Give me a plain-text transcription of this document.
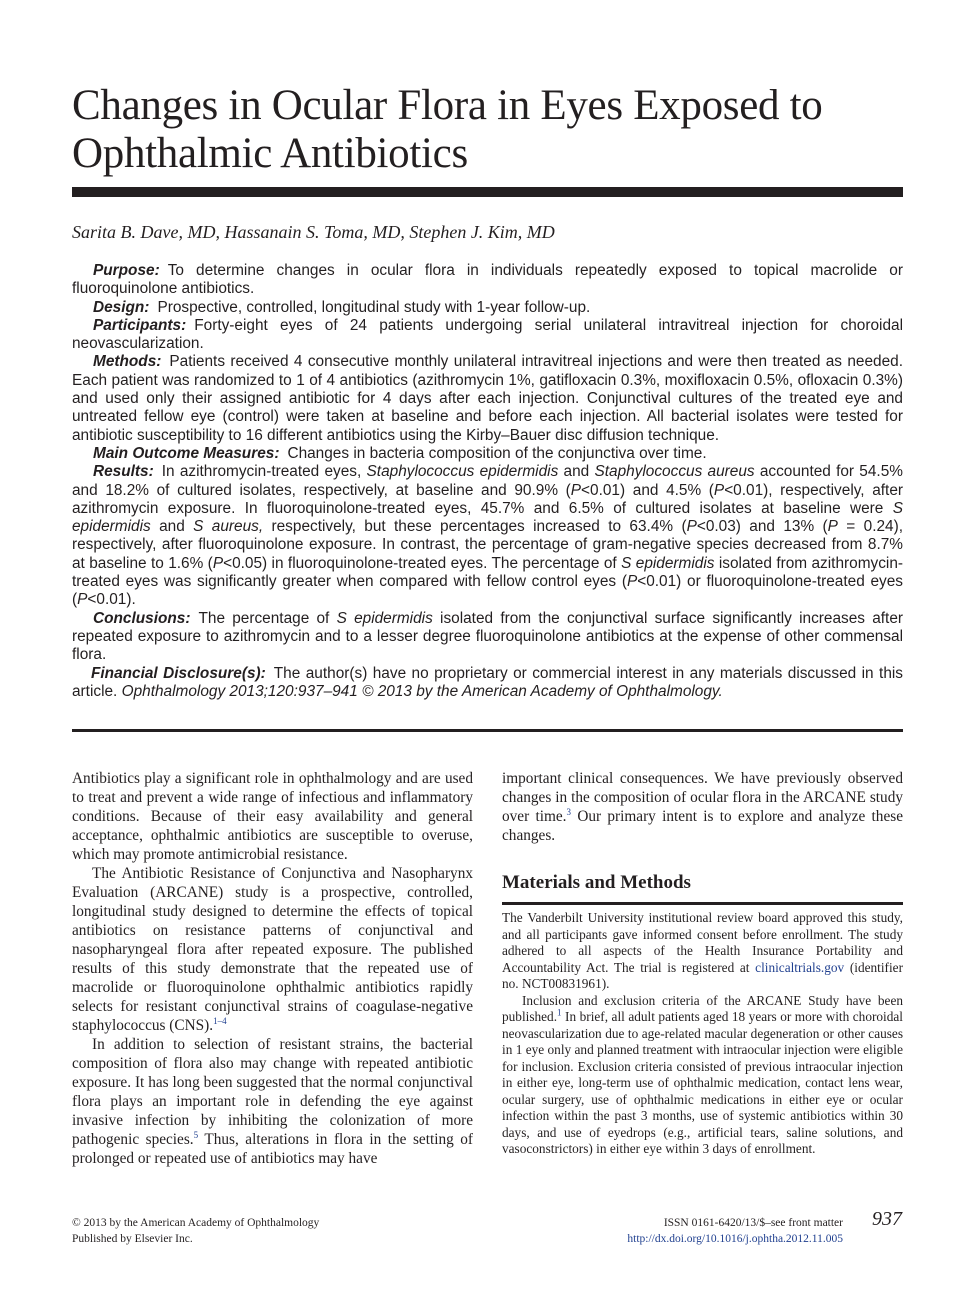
Changes in Ocular Flora in Eyes Exposed to Ophthalmic Antibiotics

Sarita B. Dave, MD, Hassanain S. Toma, MD, Stephen J. Kim, MD

Purpose: To determine changes in ocular flora in individuals repeatedly exposed to topical macrolide or fluoroquinolone antibiotics.

Design: Prospective, controlled, longitudinal study with 1-year follow-up.

Participants: Forty-eight eyes of 24 patients undergoing serial unilateral intravitreal injection for choroidal neovascularization.

Methods: Patients received 4 consecutive monthly unilateral intravitreal injections and were then treated as needed. Each patient was randomized to 1 of 4 antibiotics (azithromycin 1%, gatifloxacin 0.3%, moxifloxacin 0.5%, ofloxacin 0.3%) and used only their assigned antibiotic for 4 days after each injection. Conjunctival cultures of the treated eye and untreated fellow eye (control) were taken at baseline and before each injection. All bacterial isolates were tested for antibiotic susceptibility to 16 different antibiotics using the Kirby–Bauer disc diffusion technique.

Main Outcome Measures: Changes in bacteria composition of the conjunctiva over time.

Results: In azithromycin-treated eyes, Staphylococcus epidermidis and Staphylococcus aureus accounted for 54.5% and 18.2% of cultured isolates, respectively, at baseline and 90.9% (P<0.01) and 4.5% (P<0.01), respectively, after azithromycin exposure. In fluoroquinolone-treated eyes, 45.7% and 6.5% of cultured isolates at baseline were S epidermidis and S aureus, respectively, but these percentages increased to 63.4% (P<0.03) and 13% (P = 0.24), respectively, after fluoroquinolone exposure. In contrast, the percentage of gram-negative species decreased from 8.7% at baseline to 1.6% (P<0.05) in fluoroquinolone-treated eyes. The percentage of S epidermidis isolated from azithromycin-treated eyes was significantly greater when compared with fellow control eyes (P<0.01) or fluoroquinolone-treated eyes (P<0.01).

Conclusions: The percentage of S epidermidis isolated from the conjunctival surface significantly increases after repeated exposure to azithromycin and to a lesser degree fluoroquinolone antibiotics at the expense of other commensal flora.

Financial Disclosure(s): The author(s) have no proprietary or commercial interest in any materials discussed in this article. Ophthalmology 2013;120:937–941 © 2013 by the American Academy of Ophthalmology.

Antibiotics play a significant role in ophthalmology and are used to treat and prevent a wide range of infectious and inflammatory conditions. Because of their easy availability and general acceptance, ophthalmic antibiotics are susceptible to overuse, which may promote antimicrobial resistance.

The Antibiotic Resistance of Conjunctiva and Nasopharynx Evaluation (ARCANE) study is a prospective, controlled, longitudinal study designed to determine the effects of topical antibiotics on resistance patterns of conjunctival and nasopharyngeal flora after repeated exposure. The published results of this study demonstrate that the repeated use of macrolide or fluoroquinolone ophthalmic antibiotics rapidly selects for resistant conjunctival strains of coagulase-negative staphylococcus (CNS).$^{1-4}$

In addition to selection of resistant strains, the bacterial composition of flora also may change with repeated antibiotic exposure. It has long been suggested that the normal conjunctival flora plays an important role in defending the eye against invasive infection by inhibiting the colonization of more pathogenic species.$^5$ Thus, alterations in flora in the setting of prolonged or repeated use of antibiotics may have

important clinical consequences. We have previously observed changes in the composition of ocular flora in the ARCANE study over time.$^3$ Our primary intent is to explore and analyze these changes.

Materials and Methods

The Vanderbilt University institutional review board approved this study, and all participants gave informed consent before enrollment. The study adhered to all aspects of the Health Insurance Portability and Accountability Act. The trial is registered at clinicaltrials.gov (identifier no. NCT00831961).

Inclusion and exclusion criteria of the ARCANE Study have been published.$^1$ In brief, all adult patients aged 18 years or more with choroidal neovascularization due to age-related macular degeneration or other causes in 1 eye only and planned treatment with intraocular injection were eligible for inclusion. Exclusion criteria consisted of previous intraocular injection in either eye, long-term use of ophthalmic medication, contact lens wear, ocular surgery, use of ophthalmic medications in either eye or ocular infection within the past 3 months, use of systemic antibiotics within 30 days, and use of eyedrops (e.g., artificial tears, saline solutions, and vasoconstrictors) in either eye within 3 days of enrollment.

© 2013 by the American Academy of Ophthalmology
Published by Elsevier Inc.
ISSN 0161-6420/13/$–see front matter
http://dx.doi.org/10.1016/j.ophtha.2012.11.005
937
